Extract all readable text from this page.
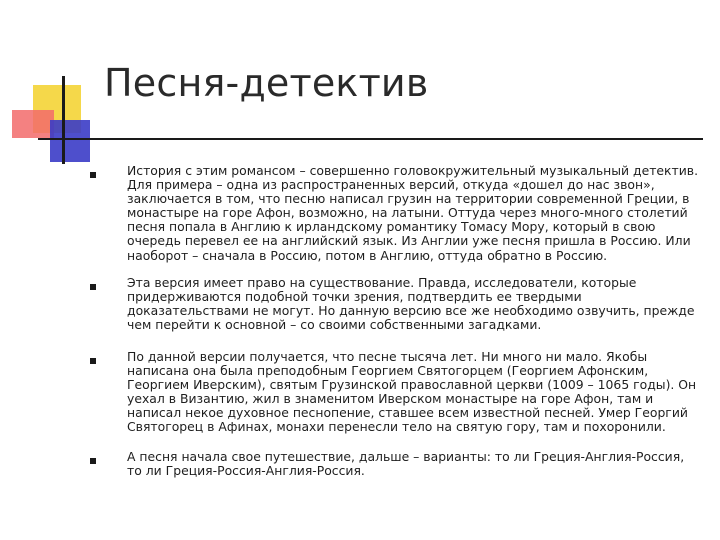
Песня-детектив
История с этим романсом – совершенно головокружительный музыкальный детектив. Для примера – одна из распространенных версий, откуда «дошел до нас звон», заключается в том, что песню написал грузин на территории современной Греции, в монастыре на горе Афон, возможно, на латыни. Оттуда через много-много столетий песня попала в Англию к ирландскому романтику Томасу Мору, который в свою очередь перевел ее на английский язык. Из Англии уже песня пришла в Россию. Или наоборот – сначала в Россию, потом в Англию, оттуда обратно в Россию.
Эта версия имеет право на существование. Правда, исследователи, которые придерживаются подобной точки зрения, подтвердить ее твердыми доказательствами не могут. Но данную версию все же необходимо озвучить, прежде чем перейти к основной – со своими собственными загадками.
По данной версии получается, что песне тысяча лет. Ни много ни мало. Якобы написана она была преподобным Георгием Святогорцем (Георгием Афонским, Георгием Иверским), святым Грузинской православной церкви (1009 – 1065 годы). Он уехал в Византию, жил в знаменитом Иверском монастыре на горе Афон, там и написал некое духовное песнопение, ставшее всем известной песней. Умер Георгий Святогорец в Афинах, монахи перенесли тело на святую гору, там и похоронили.
А песня начала свое путешествие, дальше – варианты: то ли Греция-Англия-Россия, то ли Греция-Россия-Англия-Россия.
